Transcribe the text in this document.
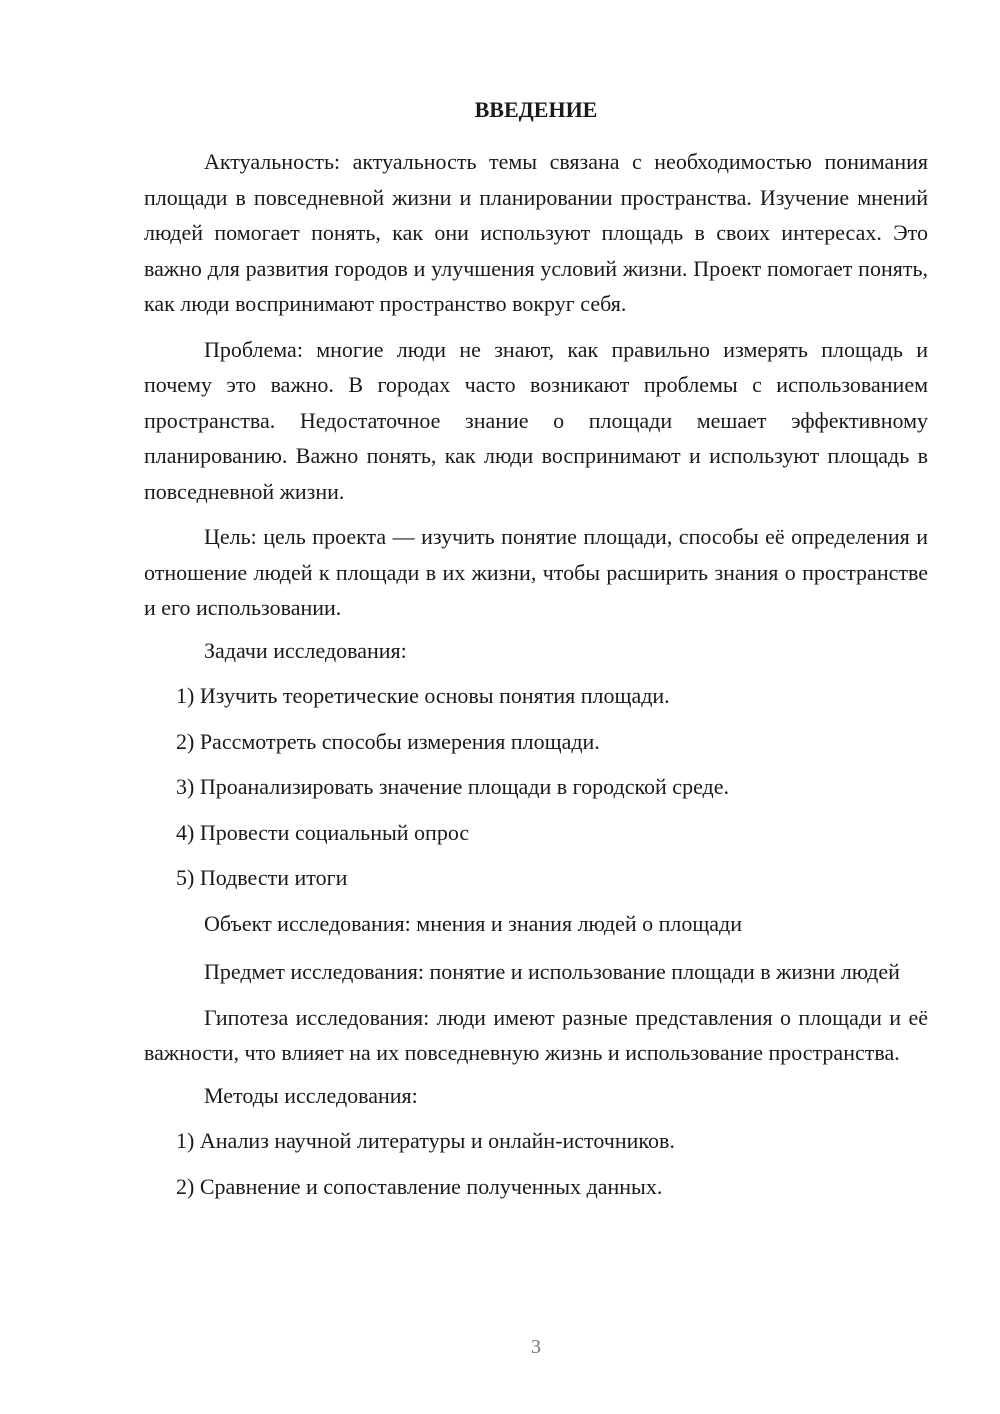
ВВЕДЕНИЕ

Актуальность: актуальность темы связана с необходимостью понимания площади в повседневной жизни и планировании пространства. Изучение мнений людей помогает понять, как они используют площадь в своих интересах. Это важно для развития городов и улучшения условий жизни. Проект помогает понять, как люди воспринимают пространство вокруг себя.

Проблема: многие люди не знают, как правильно измерять площадь и почему это важно. В городах часто возникают проблемы с использованием пространства. Недостаточное знание о площади мешает эффективному планированию. Важно понять, как люди воспринимают и используют площадь в повседневной жизни.

Цель: цель проекта — изучить понятие площади, способы её определения и отношение людей к площади в их жизни, чтобы расширить знания о пространстве и его использовании.

Задачи исследования:
1) Изучить теоретические основы понятия площади.
2) Рассмотреть способы измерения площади.
3) Проанализировать значение площади в городской среде.
4) Провести социальный опрос
5) Подвести итоги
Объект исследования: мнения и знания людей о площади

Предмет исследования: понятие и использование площади в жизни людей

Гипотеза исследования: люди имеют разные представления о площади и её важности, что влияет на их повседневную жизнь и использование пространства.

Методы исследования:
1) Анализ научной литературы и онлайн-источников.
2) Сравнение и сопоставление полученных данных.
3
